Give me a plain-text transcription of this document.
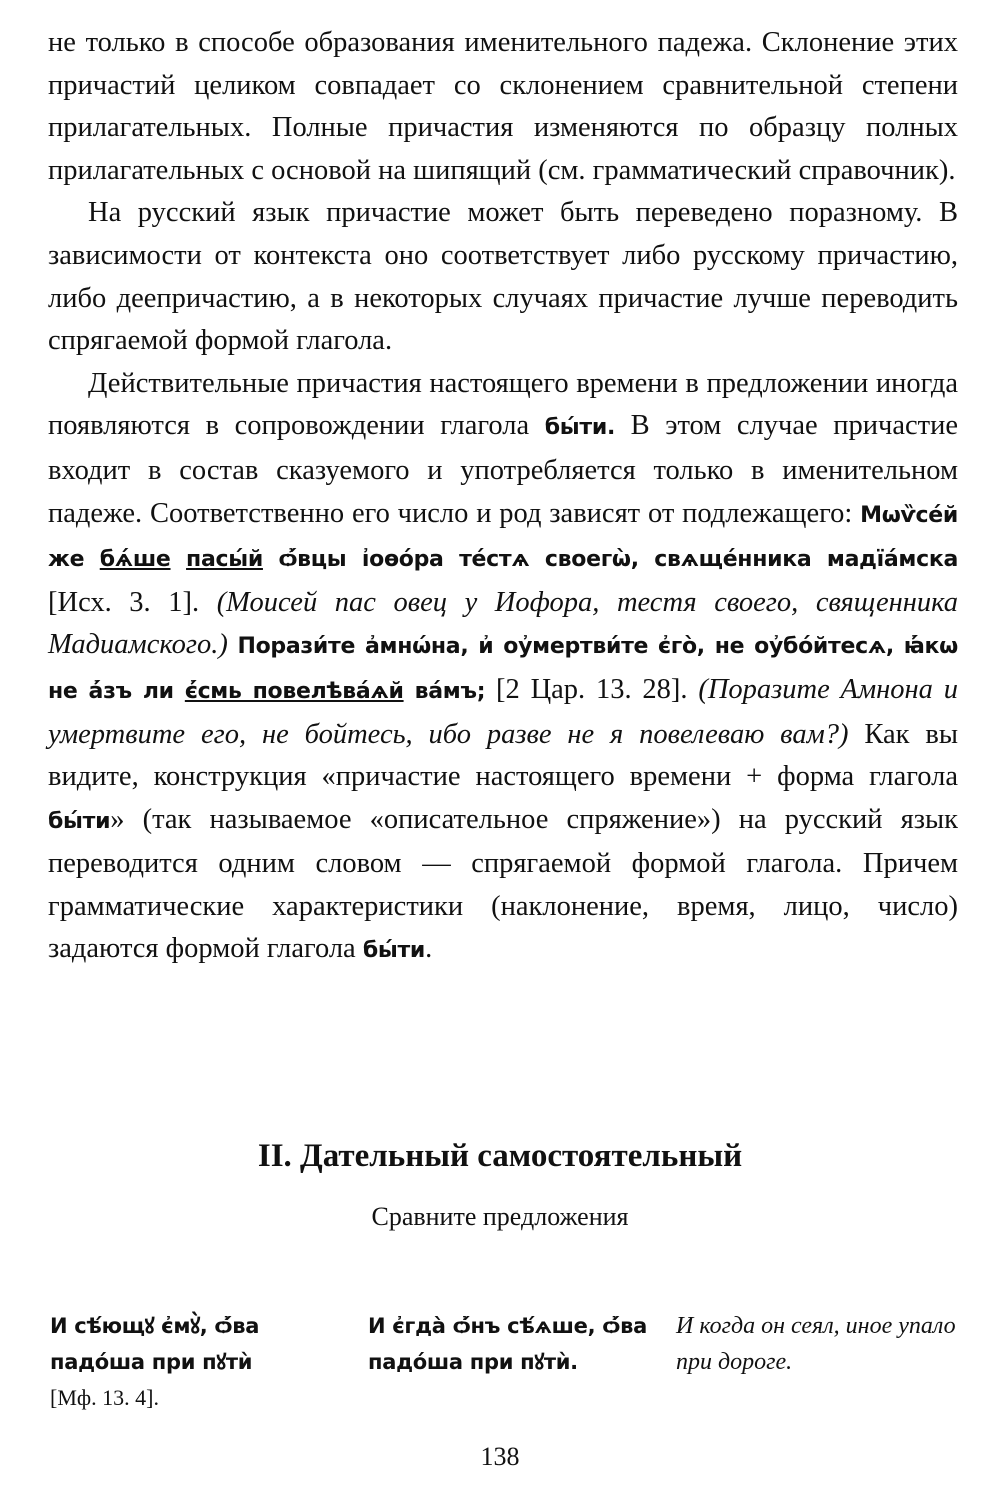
не только в способе образования именительного падежа. Склонение этих причастий целиком совпадает со склонением сравнительной степени прилагательных. Полные причастия изменяются по образцу полных прилагательных с основой на шипящий (см. грамматический справочник).

На русский язык причастие может быть переведено поразному. В зависимости от контекста оно соответствует либо русскому причастию, либо деепричастию, а в некоторых случаях причастие лучше переводить спрягаемой формой глагола.

Действительные причастия настоящего времени в предложении иногда появляются в сопровождении глагола бы́ти. В этом случае причастие входит в состав сказуемого и употребляется только в именительном падеже. Соответственно его число и род зависят от подлежащего: Мѡѷсе́й же бѧ́ше пасы́й ѻ҆́вцы і҆оѳо́ра те́стѧ своегѡ̀, свѧще́нника мадїа́мска [Исх. 3. 1]. (Моисей пас овец у Иофора, тестя своего, священника Мадиамского.) Порази́те а҆мнѡ́на, и҆ оу҆мертви́те є҆го̀, не оу҆бо́йтесѧ, ꙗ҆́кѡ не а҆́зъ ли є҆́смь повелѣва́ѧй ва́мъ; [2 Цар. 13. 28]. (Поразите Амнона и умертвите его, не бойтесь, ибо разве не я повелеваю вам?) Как вы видите, конструкция «причастие настоящего времени + форма глагола бы́ти» (так называемое «описательное спряжение») на русский язык переводится одним словом — спрягаемой формой глагола. Причем грамматические характеристики (наклонение, время, лицо, число) задаются формой глагола бы́ти.

II. Дательный самостоятельный
Сравните предложения
И сѣ́ющꙋ є҆мꙋ̀, ѻ҆́ва падо́ша при пꙋтѝ
[Мф. 13. 4].
И є҆гда̀ ѻ҆́нъ сѣ́ѧше, ѻ҆́ва падо́ша при пꙋтѝ.
И когда он сеял, иное упало при дороге.
138
